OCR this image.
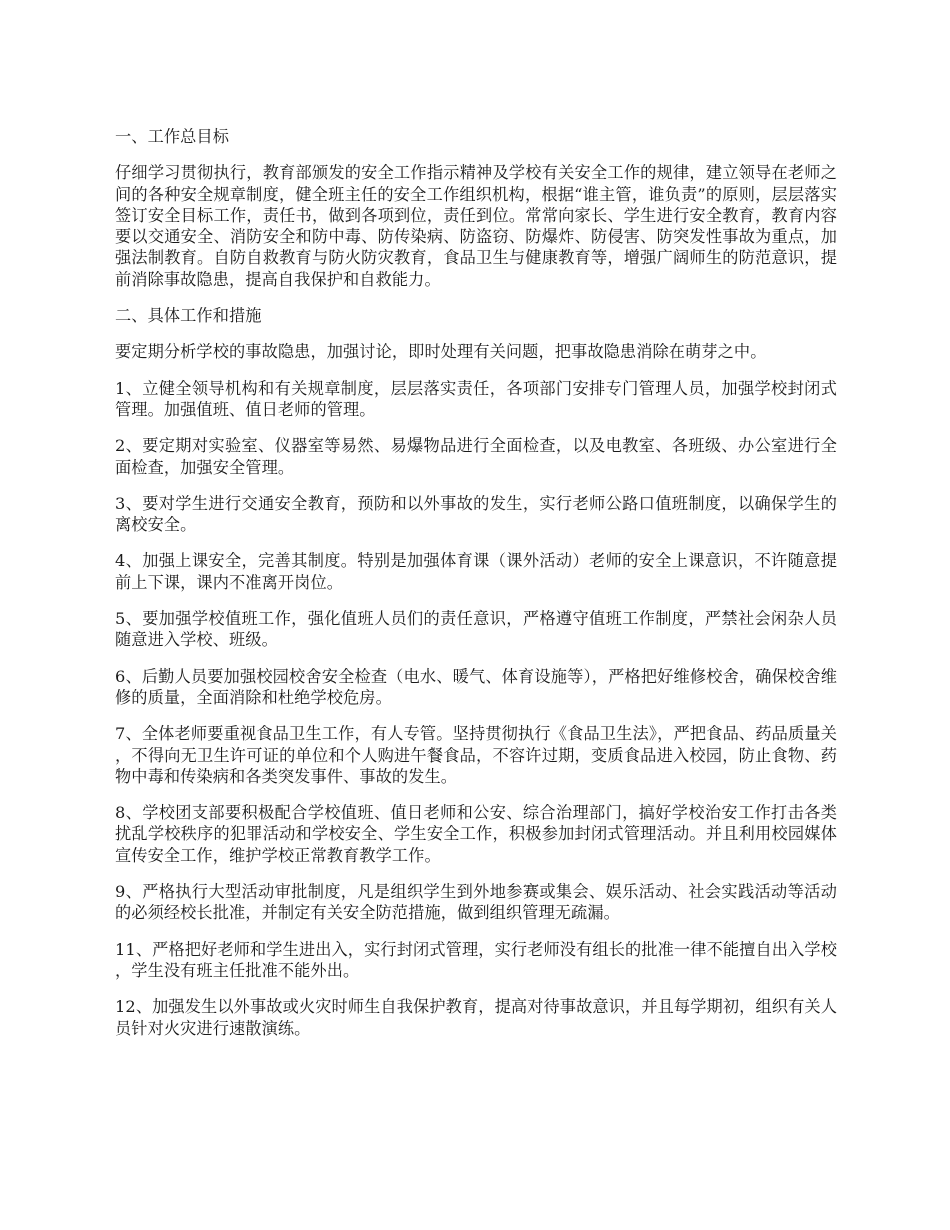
一、工作总目标

仔细学习贯彻执行，教育部颁发的安全工作指示精神及学校有关安全工作的规律，建立领导在老师之间的各种安全规章制度，健全班主任的安全工作组织机构，根据“谁主管，谁负责”的原则，层层落实签订安全目标工作，责任书，做到各项到位，责任到位。常常向家长、学生进行安全教育，教育内容要以交通安全、消防安全和防中毒、防传染病、防盗窃、防爆炸、防侵害、防突发性事故为重点，加强法制教育。自防自救教育与防火防灾教育，食品卫生与健康教育等，增强广阔师生的防范意识，提前消除事故隐患，提高自我保护和自救能力。

二、具体工作和措施

要定期分析学校的事故隐患，加强讨论，即时处理有关问题，把事故隐患消除在萌芽之中。

1、立健全领导机构和有关规章制度，层层落实责任，各项部门安排专门管理人员，加强学校封闭式管理。加强值班、值日老师的管理。

2、要定期对实验室、仪器室等易然、易爆物品进行全面检查，以及电教室、各班级、办公室进行全面检查，加强安全管理。

3、要对学生进行交通安全教育，预防和以外事故的发生，实行老师公路口值班制度，以确保学生的离校安全。

4、加强上课安全，完善其制度。特别是加强体育课（课外活动）老师的安全上课意识，不许随意提前上下课，课内不准离开岗位。

5、要加强学校值班工作，强化值班人员们的责任意识，严格遵守值班工作制度，严禁社会闲杂人员随意进入学校、班级。

6、后勤人员要加强校园校舍安全检查（电水、暖气、体育设施等），严格把好维修校舍，确保校舍维修的质量，全面消除和杜绝学校危房。

7、全体老师要重视食品卫生工作，有人专管。坚持贯彻执行《食品卫生法》，严把食品、药品质量关，不得向无卫生许可证的单位和个人购进午餐食品，不容许过期，变质食品进入校园，防止食物、药物中毒和传染病和各类突发事件、事故的发生。

8、学校团支部要积极配合学校值班、值日老师和公安、综合治理部门，搞好学校治安工作打击各类扰乱学校秩序的犯罪活动和学校安全、学生安全工作，积极参加封闭式管理活动。并且利用校园媒体宣传安全工作，维护学校正常教育教学工作。

9、严格执行大型活动审批制度，凡是组织学生到外地参赛或集会、娱乐活动、社会实践活动等活动的必须经校长批准，并制定有关安全防范措施，做到组织管理无疏漏。

11、严格把好老师和学生进出入，实行封闭式管理，实行老师没有组长的批准一律不能擅自出入学校，学生没有班主任批准不能外出。

12、加强发生以外事故或火灾时师生自我保护教育，提高对待事故意识，并且每学期初，组织有关人员针对火灾进行速散演练。
